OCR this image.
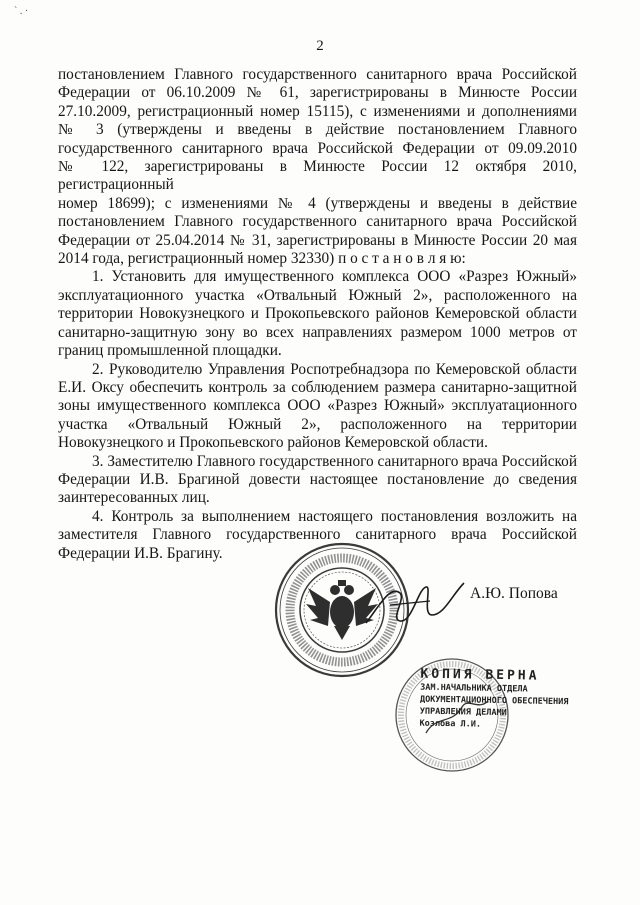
` . ·
2

постановлением Главного государственного санитарного врача Российской

Федерации от 06.10.2009 № 61, зарегистрированы в Минюсте России

27.10.2009, регистрационный номер 15115), с изменениями и дополнениями

№ 3 (утверждены и введены в действие постановлением Главного

государственного санитарного врача Российской Федерации от 09.09.2010

№ 122, зарегистрированы в Минюсте России 12 октября 2010, регистрационный

номер 18699); с изменениями № 4 (утверждены и введены в действие

постановлением Главного государственного санитарного врача Российской

Федерации от 25.04.2014 № 31, зарегистрированы в Минюсте России 20 мая

2014 года, регистрационный номер 32330) п о с т а н о в л я ю:

1. Установить для имущественного комплекса ООО «Разрез Южный»

эксплуатационного участка «Отвальный Южный 2», расположенного на

территории Новокузнецкого и Прокопьевского районов Кемеровской области

санитарно-защитную зону во всех направлениях размером 1000 метров от

границ промышленной площадки.

2. Руководителю Управления Роспотребнадзора по Кемеровской области

Е.И. Оксу обеспечить контроль за соблюдением размера санитарно-защитной

зоны имущественного комплекса ООО «Разрез Южный» эксплуатационного

участка «Отвальный Южный 2», расположенного на территории

Новокузнецкого и Прокопьевского районов Кемеровской области.

3. Заместителю Главного государственного санитарного врача Российской

Федерации И.В. Брагиной довести настоящее постановление до сведения

заинтересованных лиц.

4. Контроль за выполнением настоящего постановления возложить на

заместителя Главного государственного санитарного врача Российской

Федерации И.В. Брагину.

А.Ю. Попова
КОПИЯ ВЕРНА
ЗАМ.НАЧАЛЬНИКА ОТДЕЛА
ДОКУМЕНТАЦИОННОГО ОБЕСПЕЧЕНИЯ
УПРАВЛЕНИЯ ДЕЛАМИ
Козлова Л.И.
